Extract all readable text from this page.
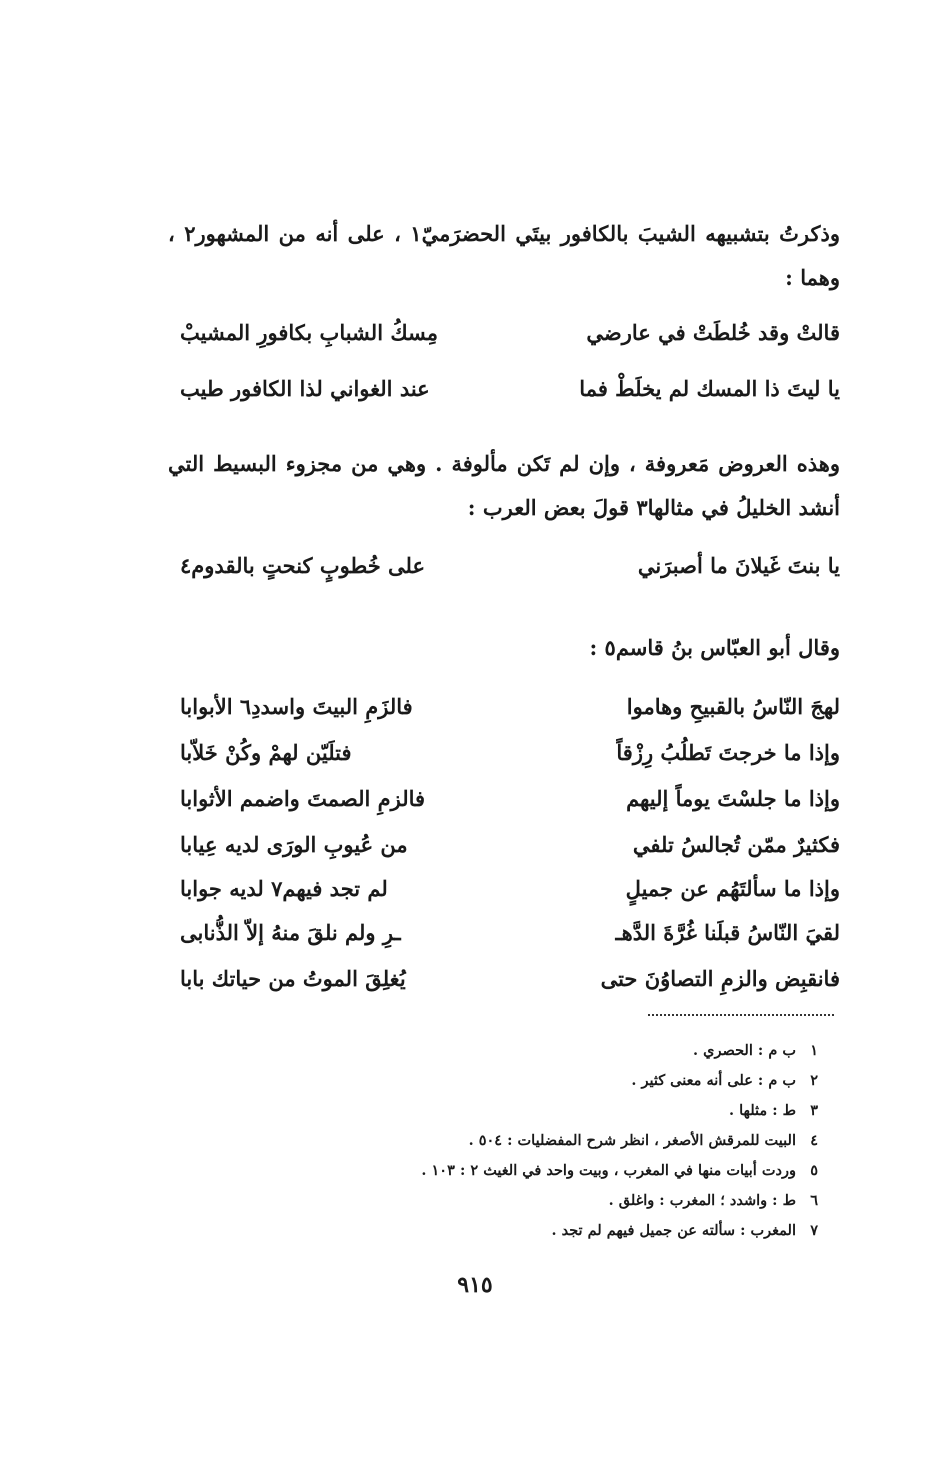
وذكرتُ بتشبيهه الشيبَ بالكافور بيتَي الحضرَميّ١ ، على أنه من المشهور٢ ، وهما :
قالتْ وقد خُلطَتْ في عارضي
مِسكُ الشبابِ بكافورِ المشيبْ
يا ليتَ ذا المسك لم يخلَطْ فما
عند الغواني لذا الكافور طيب
وهذه العروض مَعروفة ، وإن لم تَكن مألوفة . وهي من مجزوء البسيط التي أنشد الخليلُ في مثالها٣ قولَ بعض العرب :
يا بنتَ غَيلانَ ما أصبرَني
على خُطوبٍ كنحتٍ بالقدوم٤
وقال أبو العبّاس بنُ قاسم٥ :
لهجَ النّاسُ بالقبيحِ وهاموا
فالزَمِ البيتَ واسددِ٦ الأبوابا
وإذا ما خرجتَ تَطلُبُ رِزْقاً
فتلَيّن لهمْ وكُنْ خَلاّبا
وإذا ما جلسْتَ يوماً إليهم
فالزمِ الصمتَ واضمم الأثوابا
فكثيرٌ ممّن تُجالسُ تلفي
من عُيوبِ الورَى لديه عِيابا
وإذا ما سألتَهُم عن جميلٍ
لم تجد فيهم٧ لديه جوابا
لقيَ النّاسُ قبلَنا غُرَّةَ الدَّهـ
ـرِ ولم نلقَ منهُ إلاّ الذُّنابى
فانقبِض والزمِ التصاوُنَ حتى
يُغلِقَ الموتُ من حياتك بابا
١ب م : الحصري .
٢ب م : على أنه معنى كثير .
٣ط : مثلها .
٤البيت للمرقش الأصغر ، انظر شرح المفضليات : ٥٠٤ .
٥وردت أبيات منها في المغرب ، وبيت واحد في الغيث ٢ : ١٠٣ .
٦ط : واشدد ؛ المغرب : واغلق .
٧المغرب : سألته عن جميل فيهم لم تجد .
٩١٥
